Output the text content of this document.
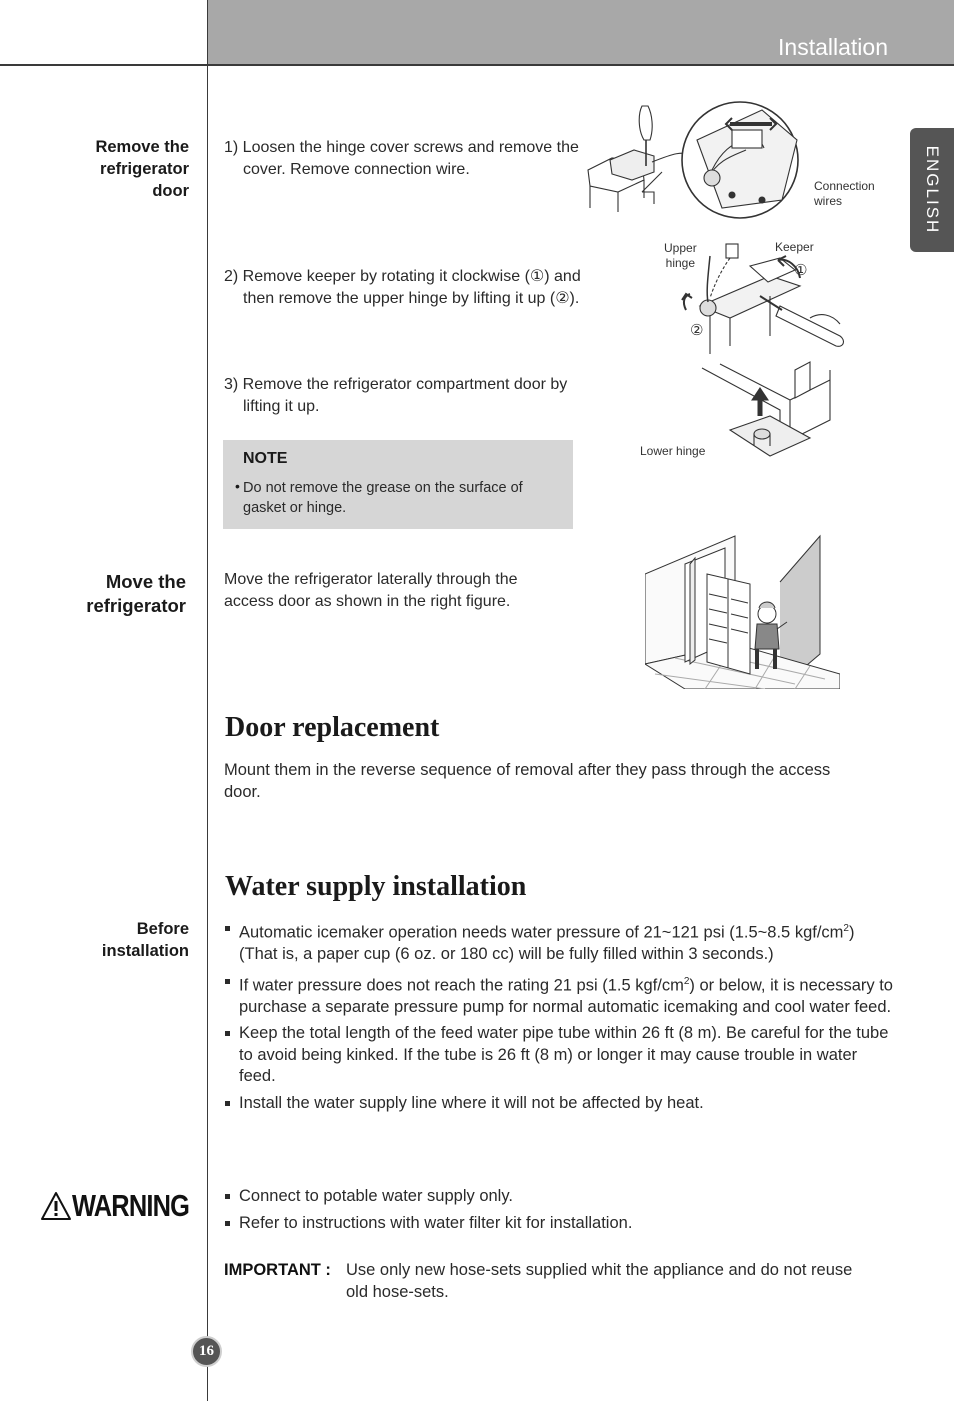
Installation
ENGLISH
Remove the
refrigerator
door
1) Loosen the hinge cover screws and remove the cover. Remove connection wire.
2) Remove keeper by rotating it clockwise (①) and then remove the upper hinge by lifting it up (②).
3) Remove the refrigerator compartment door by lifting it up.
NOTE
• Do not remove the grease on the surface of gasket or hinge.
Connection
wires
Upper
hinge
Keeper
①
②
Lower hinge
Move the
refrigerator
Move the refrigerator laterally through the access door as shown in the right figure.
Door replacement
Mount them in the reverse sequence of removal after they pass through the access door.
Water supply installation
Before
installation
Automatic icemaker operation needs water pressure of 21~121 psi (1.5~8.5 kgf/$cm^2$) (That is, a paper cup (6 oz. or 180 cc) will be fully filled within 3 seconds.)
If water pressure does not reach the rating 21 psi (1.5 kgf/$cm^2$) or below, it is necessary to purchase a separate pressure pump for normal automatic icemaking and cool water feed.
Keep the total length of the feed water pipe tube within 26 ft (8 m). Be careful for the tube to avoid being kinked. If the tube is 26 ft (8 m) or longer it may cause trouble in water feed.
Install the water supply line where it will not be affected by heat.
WARNING	Connect to potable water supply only.
Refer to instructions with water filter kit for installation.
IMPORTANT : Use only new hose-sets supplied whit the appliance and do not reuse old hose-sets.
16
